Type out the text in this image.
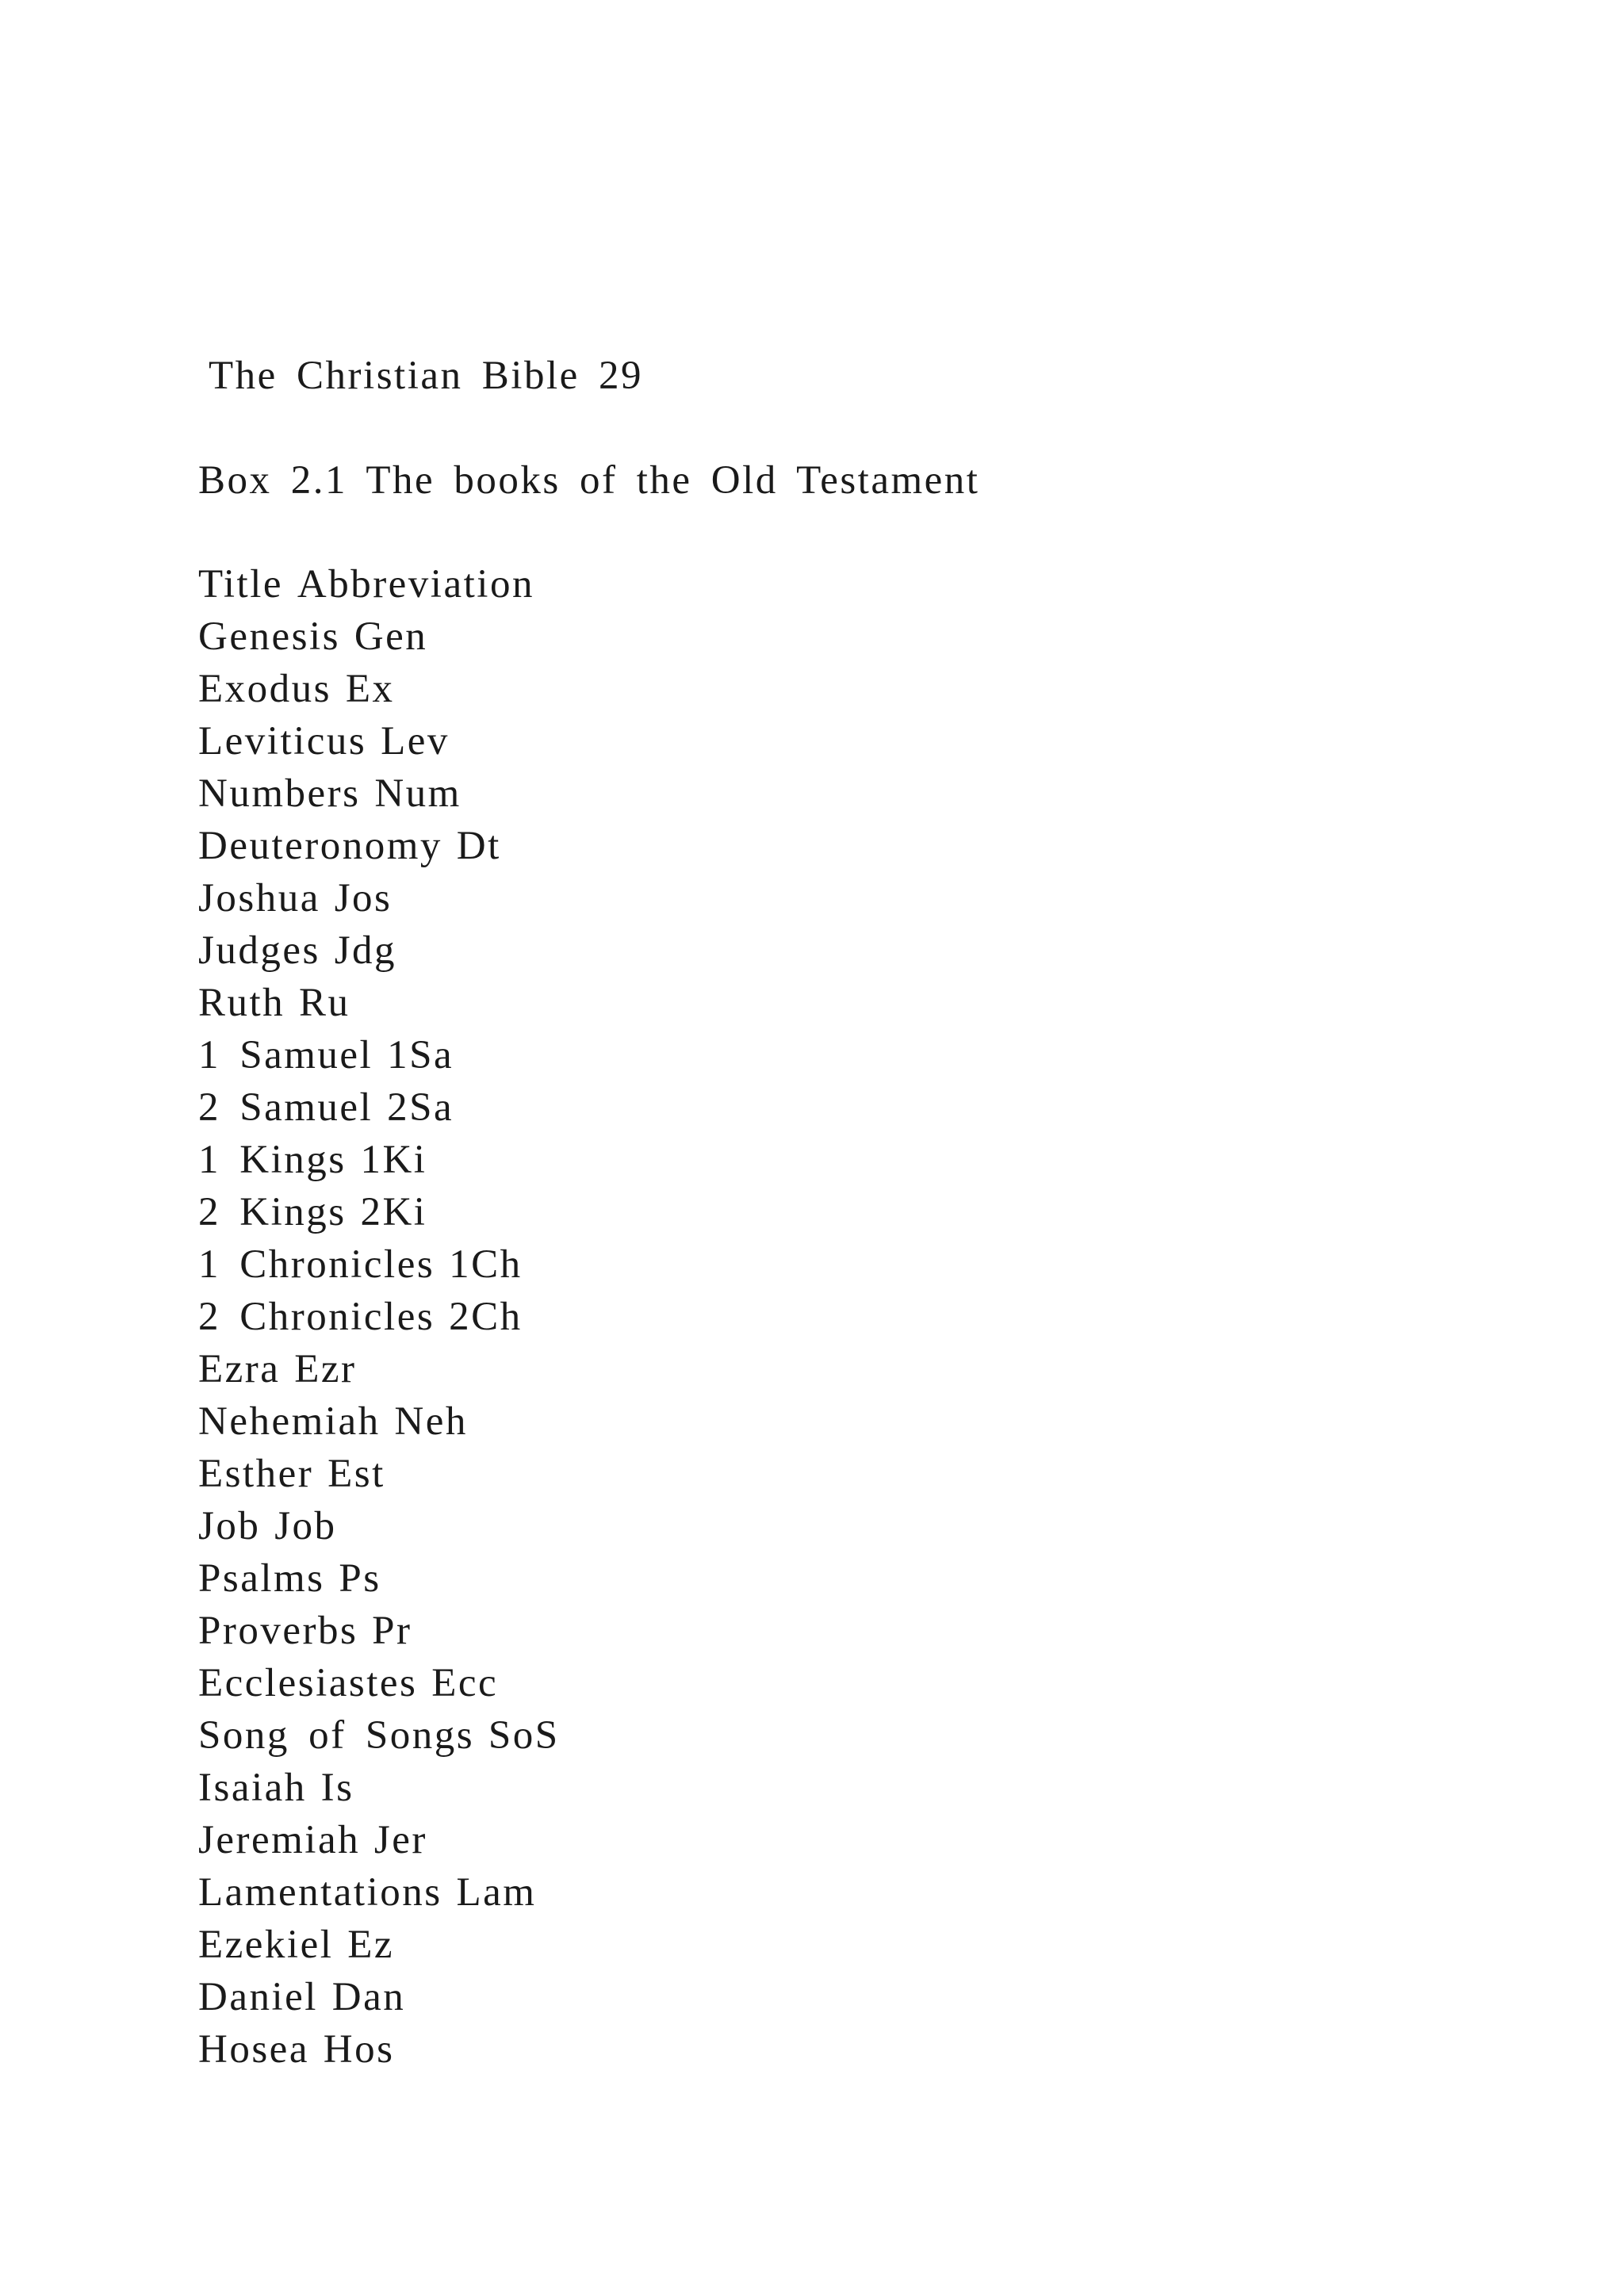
The Christian Bible 29
Box 2.1 The books of the Old Testament
Title Abbreviation
Genesis Gen
Exodus Ex
Leviticus Lev
Numbers Num
Deuteronomy Dt
Joshua Jos
Judges Jdg
Ruth Ru
1 Samuel 1Sa
2 Samuel 2Sa
1 Kings 1Ki
2 Kings 2Ki
1 Chronicles 1Ch
2 Chronicles 2Ch
Ezra Ezr
Nehemiah Neh
Esther Est
Job Job
Psalms Ps
Proverbs Pr
Ecclesiastes Ecc
Song of Songs SoS
Isaiah Is
Jeremiah Jer
Lamentations Lam
Ezekiel Ez
Daniel Dan
Hosea Hos
